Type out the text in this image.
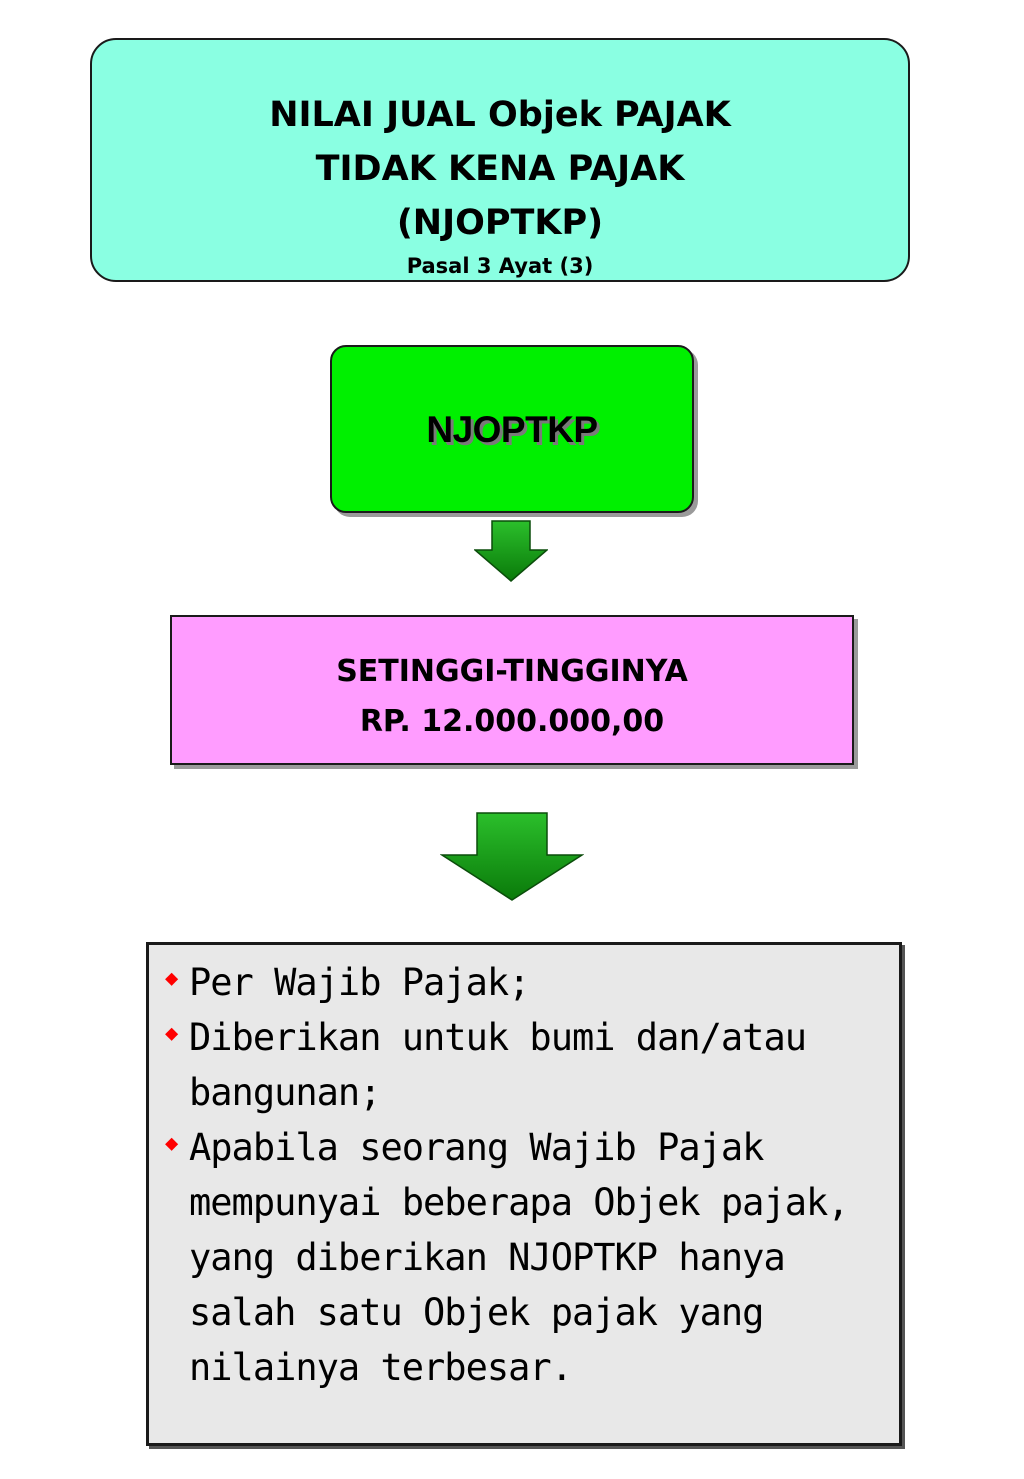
NILAI JUAL Objek PAJAK
TIDAK KENA PAJAK
(NJOPTKP)
Pasal 3 Ayat (3)
NJOPTKP
SETINGGI-TINGGINYA
RP. 12.000.000,00
◆ Per Wajib Pajak;
◆ Diberikan untuk bumi dan/atau bangunan;
◆ Apabila seorang Wajib Pajak mempunyai beberapa Objek pajak, yang diberikan NJOPTKP hanya salah satu Objek pajak yang nilainya terbesar.
